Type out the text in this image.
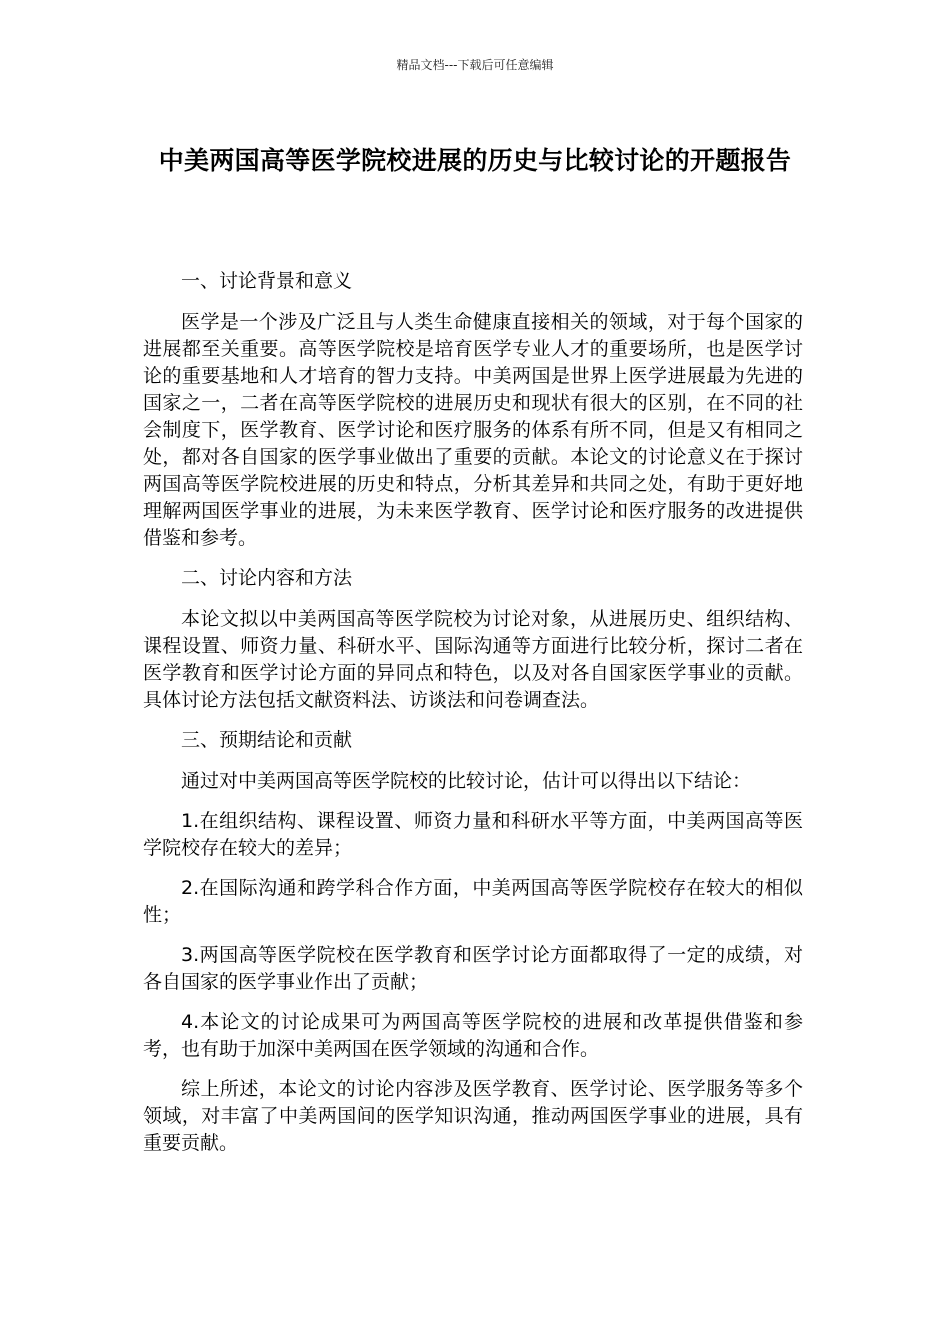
精品文档---下载后可任意编辑
中美两国高等医学院校进展的历史与比较讨论的开题报告

一、讨论背景和意义

医学是一个涉及广泛且与人类生命健康直接相关的领域，对于每个国家的进展都至关重要。高等医学院校是培育医学专业人才的重要场所，也是医学讨论的重要基地和人才培育的智力支持。中美两国是世界上医学进展最为先进的国家之一，二者在高等医学院校的进展历史和现状有很大的区别，在不同的社会制度下，医学教育、医学讨论和医疗服务的体系有所不同，但是又有相同之处，都对各自国家的医学事业做出了重要的贡献。本论文的讨论意义在于探讨两国高等医学院校进展的历史和特点，分析其差异和共同之处，有助于更好地理解两国医学事业的进展，为未来医学教育、医学讨论和医疗服务的改进提供借鉴和参考。

二、讨论内容和方法

本论文拟以中美两国高等医学院校为讨论对象，从进展历史、组织结构、课程设置、师资力量、科研水平、国际沟通等方面进行比较分析，探讨二者在医学教育和医学讨论方面的异同点和特色，以及对各自国家医学事业的贡献。具体讨论方法包括文献资料法、访谈法和问卷调查法。

三、预期结论和贡献

通过对中美两国高等医学院校的比较讨论，估计可以得出以下结论：

1.在组织结构、课程设置、师资力量和科研水平等方面，中美两国高等医学院校存在较大的差异；

2.在国际沟通和跨学科合作方面，中美两国高等医学院校存在较大的相似性；

3.两国高等医学院校在医学教育和医学讨论方面都取得了一定的成绩，对各自国家的医学事业作出了贡献；

4.本论文的讨论成果可为两国高等医学院校的进展和改革提供借鉴和参考，也有助于加深中美两国在医学领域的沟通和合作。

综上所述，本论文的讨论内容涉及医学教育、医学讨论、医学服务等多个领域，对丰富了中美两国间的医学知识沟通，推动两国医学事业的进展，具有重要贡献。
